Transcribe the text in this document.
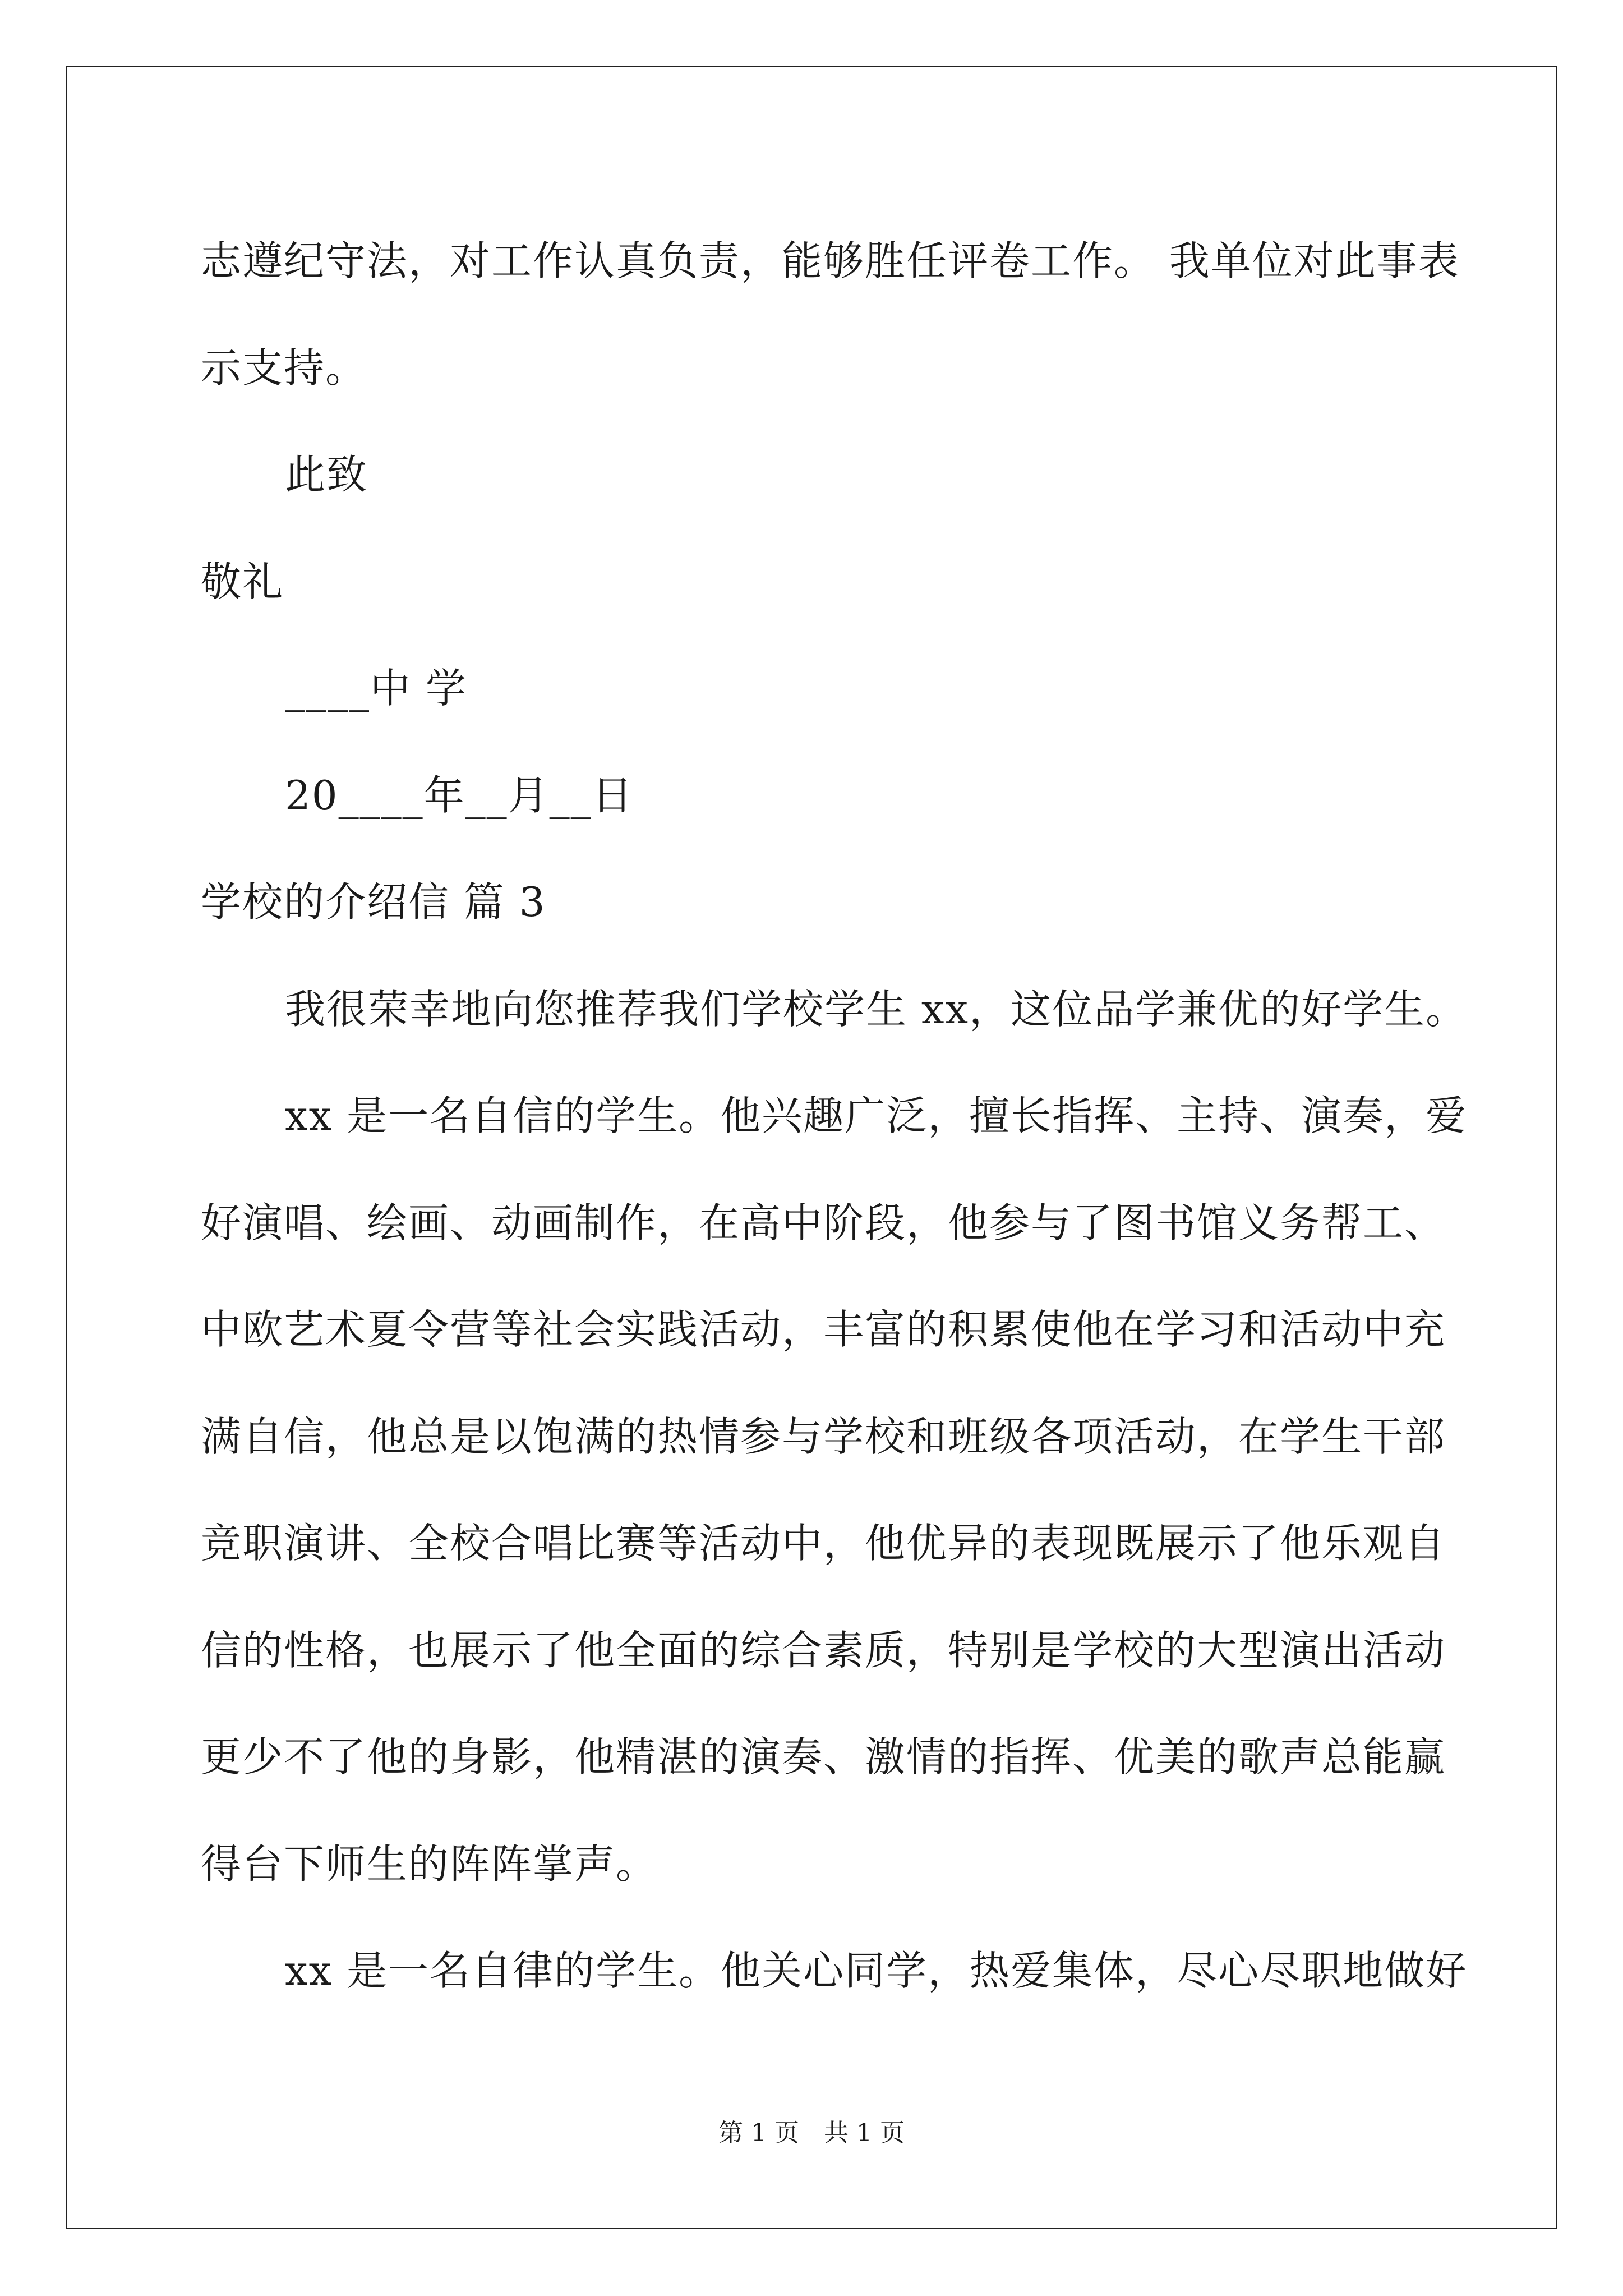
志遵纪守法，对工作认真负责，能够胜任评卷工作。 我单位对此事表
示支持。
此致
敬礼
____中 学
20____年__月__日
学校的介绍信 篇 3
我很荣幸地向您推荐我们学校学生 xx，这位品学兼优的好学生。
xx 是一名自信的学生。他兴趣广泛，擅长指挥、主持、演奏，爱
好演唱、绘画、动画制作，在高中阶段，他参与了图书馆义务帮工、
中欧艺术夏令营等社会实践活动，丰富的积累使他在学习和活动中充
满自信，他总是以饱满的热情参与学校和班级各项活动，在学生干部
竞职演讲、全校合唱比赛等活动中，他优异的表现既展示了他乐观自
信的性格，也展示了他全面的综合素质，特别是学校的大型演出活动
更少不了他的身影，他精湛的演奏、激情的指挥、优美的歌声总能赢
得台下师生的阵阵掌声。
xx 是一名自律的学生。他关心同学，热爱集体，尽心尽职地做好
第 1 页　共 1 页
